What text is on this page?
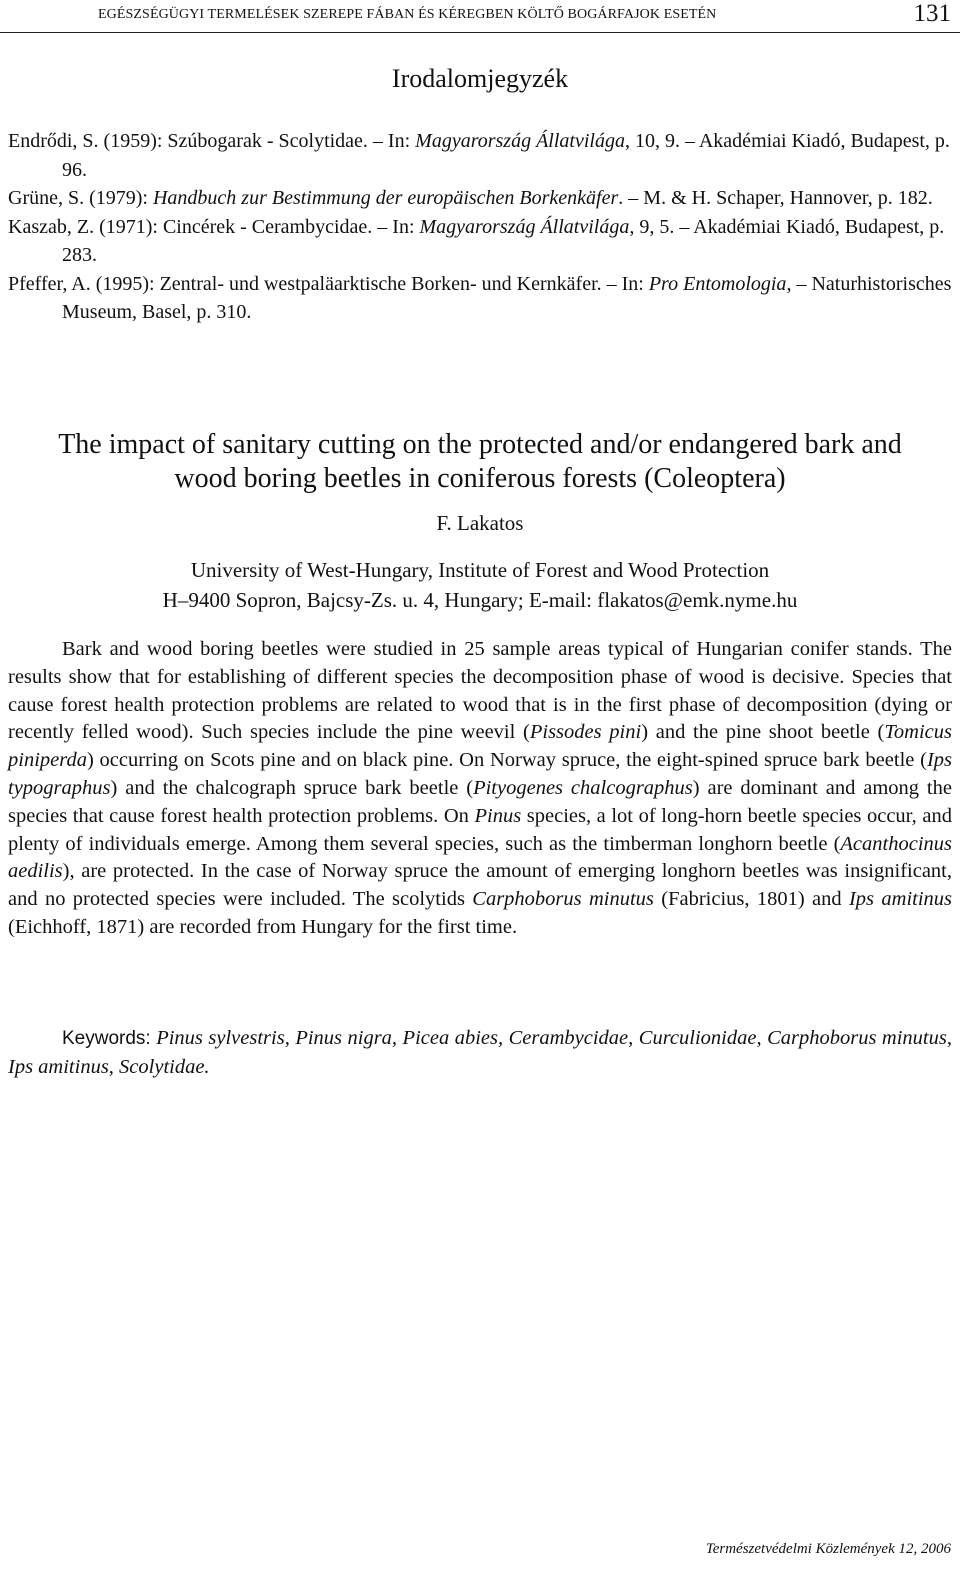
EGÉSZSÉGÜGYI TERMELÉSEK SZEREPE FÁBAN ÉS KÉREGBEN KÖLTŐ BOGÁRFAJOK ESETÉN	131
Irodalomjegyzék
Endrődi, S. (1959): Szúbogarak - Scolytidae. – In: Magyarország Állatvilága, 10, 9. – Akadémiai Kiadó, Budapest, p. 96.
Grüne, S. (1979): Handbuch zur Bestimmung der europäischen Borkenkäfer. – M. & H. Schaper, Hannover, p. 182.
Kaszab, Z. (1971): Cincérek - Cerambycidae. – In: Magyarország Állatvilága, 9, 5. – Akadémiai Kiadó, Budapest, p. 283.
Pfeffer, A. (1995): Zentral- und westpaläarktische Borken- und Kernkäfer. – In: Pro Entomologia, – Naturhistorisches Museum, Basel, p. 310.
The impact of sanitary cutting on the protected and/or endangered bark and
wood boring beetles in coniferous forests (Coleoptera)
F. Lakatos
University of West-Hungary, Institute of Forest and Wood Protection
H–9400 Sopron, Bajcsy-Zs. u. 4, Hungary; E-mail: flakatos@emk.nyme.hu

Bark and wood boring beetles were studied in 25 sample areas typical of Hungarian conifer stands. The results show that for establishing of different species the decomposition phase of wood is decisive. Species that cause forest health protection problems are related to wood that is in the first phase of decomposition (dying or recently felled wood). Such species include the pine weevil (Pissodes pini) and the pine shoot beetle (Tomicus piniperda) occurring on Scots pine and on black pine. On Norway spruce, the eight-spined spruce bark beetle (Ips typographus) and the chalcograph spruce bark beetle (Pityogenes chalcographus) are dominant and among the species that cause forest health protection problems. On Pinus species, a lot of long-horn beetle species occur, and plenty of individuals emerge. Among them several species, such as the timberman longhorn beetle (Acanthocinus aedilis), are protected. In the case of Norway spruce the amount of emerging longhorn beetles was insignificant, and no protected species were included. The scolytids Carphoborus minutus (Fabricius, 1801) and Ips amitinus (Eichhoff, 1871) are recorded from Hungary for the first time.

Keywords: Pinus sylvestris, Pinus nigra, Picea abies, Cerambycidae, Curculionidae, Carphoborus minutus, Ips amitinus, Scolytidae.

Természetvédelmi Közlemények 12, 2006
